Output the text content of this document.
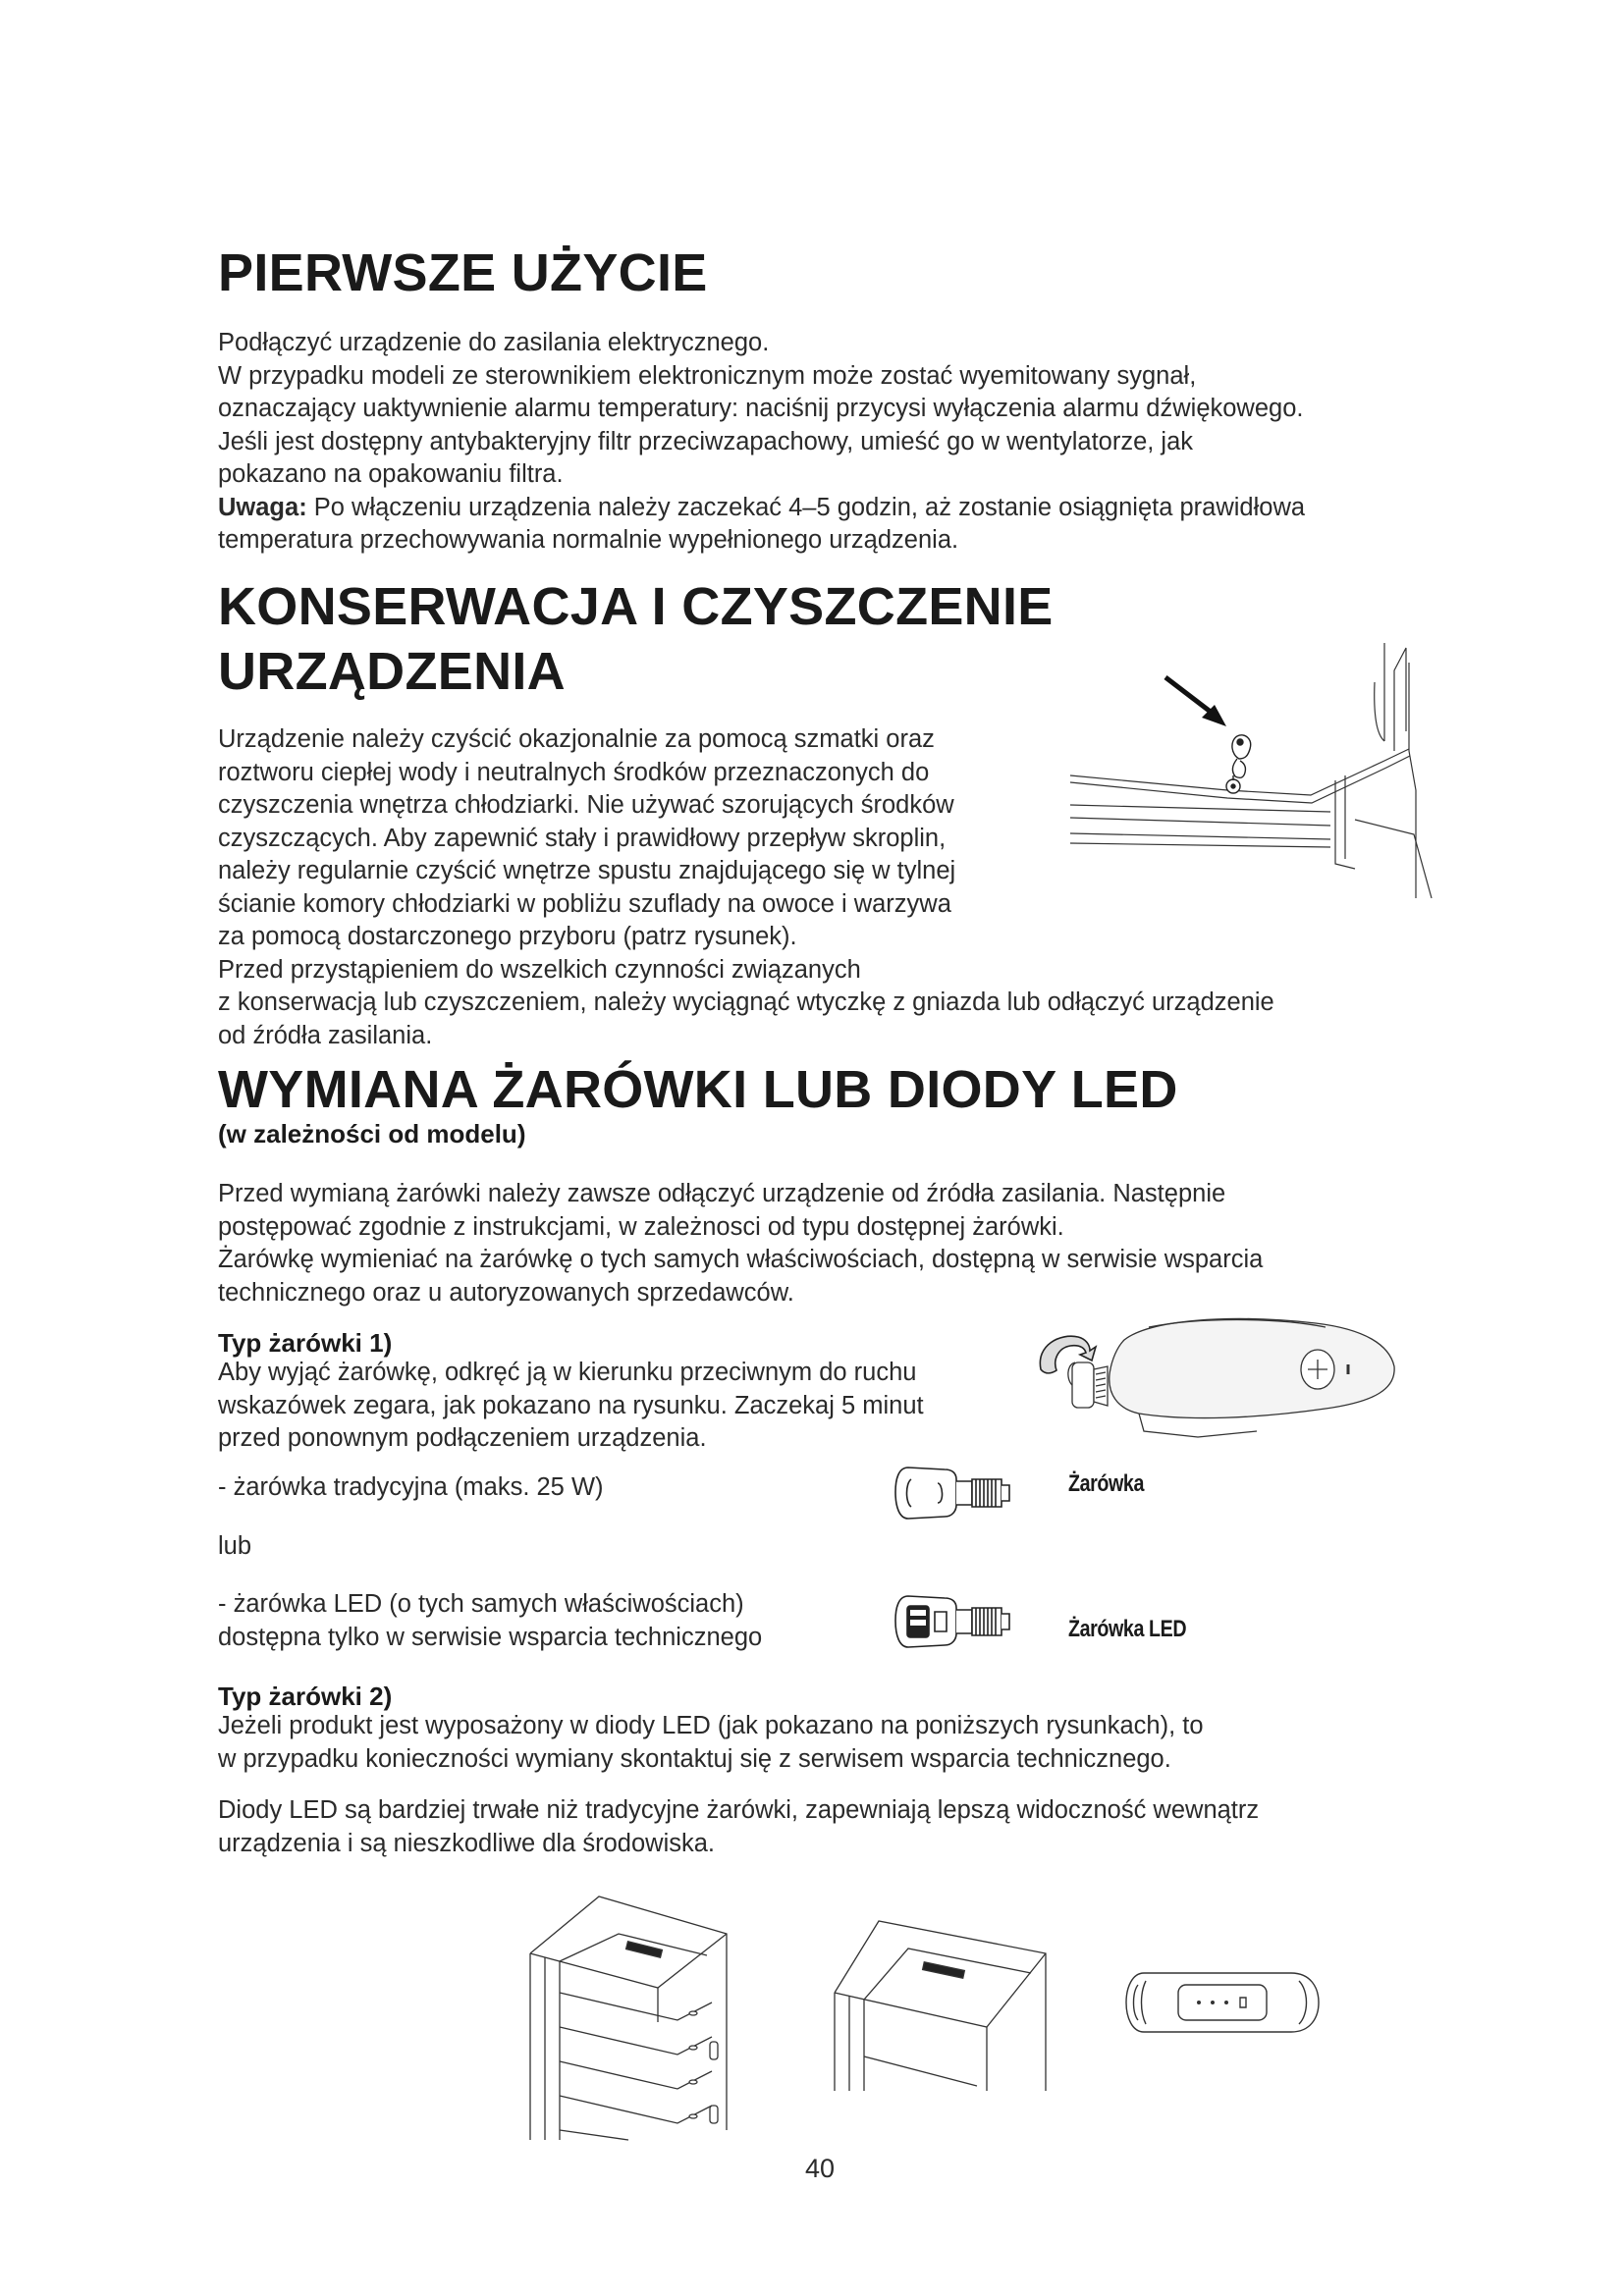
PIERWSZE UŻYCIE

Podłączyć urządzenie do zasilania elektrycznego.

W przypadku modeli ze sterownikiem elektronicznym może zostać wyemitowany sygnał,

oznaczający uaktywnienie alarmu temperatury: naciśnij przycysi wyłączenia alarmu dźwiękowego.

Jeśli jest dostępny antybakteryjny filtr przeciwzapachowy, umieść go w wentylatorze, jak

pokazano na opakowaniu filtra.

Uwaga: Po włączeniu urządzenia należy zaczekać 4–5 godzin, aż zostanie osiągnięta prawidłowa

temperatura przechowywania normalnie wypełnionego urządzenia.

KONSERWACJA I CZYSZCZENIE
URZĄDZENIA

Urządzenie należy czyścić okazjonalnie za pomocą szmatki oraz

roztworu ciepłej wody i neutralnych środków przeznaczonych do

czyszczenia wnętrza chłodziarki. Nie używać szorujących środków

czyszczących. Aby zapewnić stały i prawidłowy przepływ skroplin,

należy regularnie czyścić wnętrze spustu znajdującego się w tylnej

ścianie komory chłodziarki w pobliżu szuflady na owoce i warzywa

za pomocą dostarczonego przyboru (patrz rysunek).

Przed przystąpieniem do wszelkich czynności związanych

z konserwacją lub czyszczeniem, należy wyciągnąć wtyczkę z gniazda lub odłączyć urządzenie

od źródła zasilania.

WYMIANA ŻARÓWKI LUB DIODY LED
(w zależności od modelu)

Przed wymianą żarówki należy zawsze odłączyć urządzenie od źródła zasilania. Następnie

postępować zgodnie z instrukcjami, w zależnosci od typu dostępnej żarówki.

Żarówkę wymieniać na żarówkę o tych samych właściwościach, dostępną w serwisie wsparcia

technicznego oraz u autoryzowanych sprzedawców.

Typ żarówki 1)

Aby wyjąć żarówkę, odkręć ją w kierunku przeciwnym do ruchu

wskazówek zegara, jak pokazano na rysunku. Zaczekaj 5 minut

przed ponownym podłączeniem urządzenia.

- żarówka tradycyjna (maks. 25 W)
lub

- żarówka LED (o tych samych właściwościach)

dostępna tylko w serwisie wsparcia technicznego

Żarówka
Żarówka LED
Typ żarówki 2)

Jeżeli produkt jest wyposażony w diody LED (jak pokazano na poniższych rysunkach), to

w przypadku konieczności wymiany skontaktuj się z serwisem wsparcia technicznego.

Diody LED są bardziej trwałe niż tradycyjne żarówki, zapewniają lepszą widoczność wewnątrz

urządzenia i są nieszkodliwe dla środowiska.

40
